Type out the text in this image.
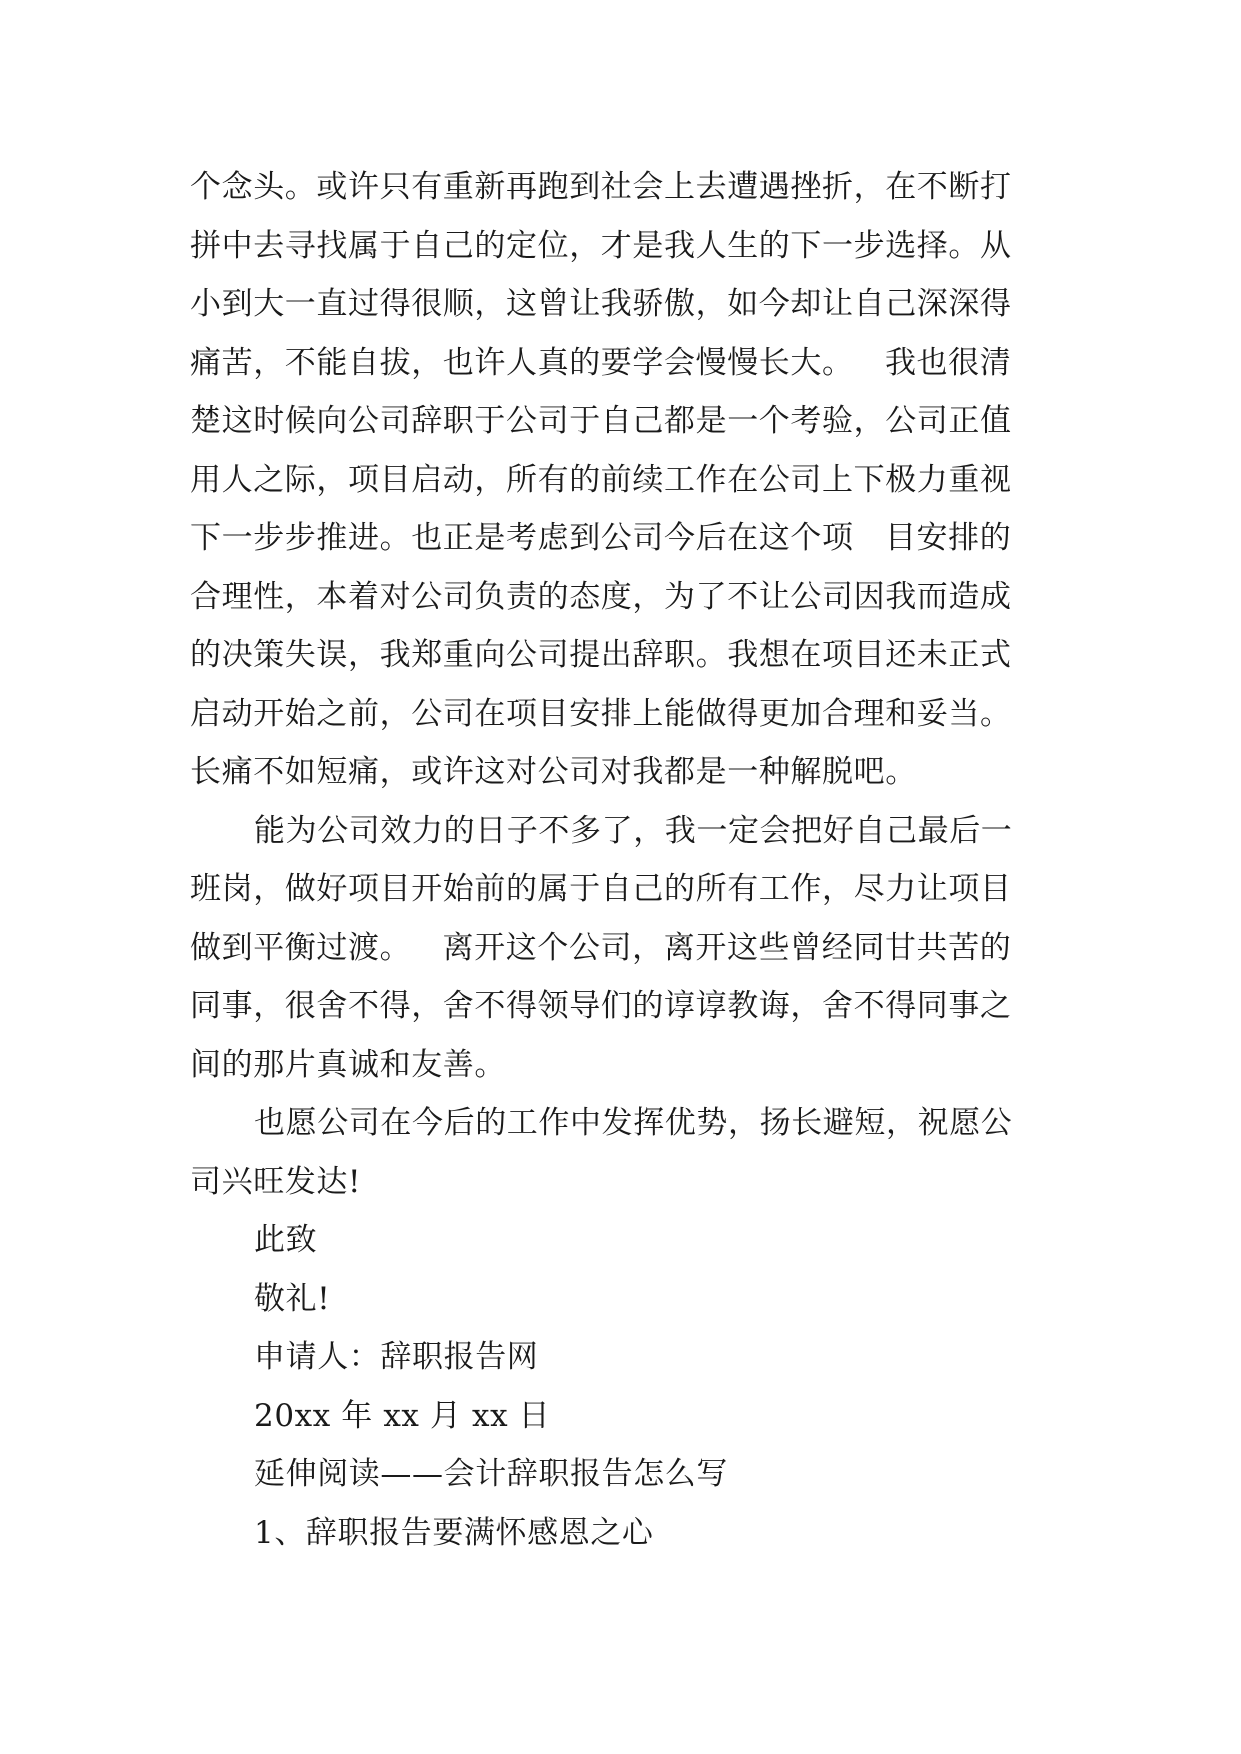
个念头。或许只有重新再跑到社会上去遭遇挫折，在不断打
拼中去寻找属于自己的定位，才是我人生的下一步选择。从
小到大一直过得很顺，这曾让我骄傲，如今却让自己深深得
痛苦，不能自拔，也许人真的要学会慢慢长大。   我也很清
楚这时候向公司辞职于公司于自己都是一个考验，公司正值
用人之际，项目启动，所有的前续工作在公司上下极力重视
下一步步推进。也正是考虑到公司今后在这个项   目安排的
合理性，本着对公司负责的态度，为了不让公司因我而造成
的决策失误，我郑重向公司提出辞职。我想在项目还未正式
启动开始之前，公司在项目安排上能做得更加合理和妥当。
长痛不如短痛，或许这对公司对我都是一种解脱吧。
能为公司效力的日子不多了，我一定会把好自己最后一
班岗，做好项目开始前的属于自己的所有工作，尽力让项目
做到平衡过渡。   离开这个公司，离开这些曾经同甘共苦的
同事，很舍不得，舍不得领导们的谆谆教诲，舍不得同事之
间的那片真诚和友善。
也愿公司在今后的工作中发挥优势，扬长避短，祝愿公
司兴旺发达!
此致
敬礼!
申请人：辞职报告网
20xx 年 xx 月 xx 日
延伸阅读——会计辞职报告怎么写
1、辞职报告要满怀感恩之心
